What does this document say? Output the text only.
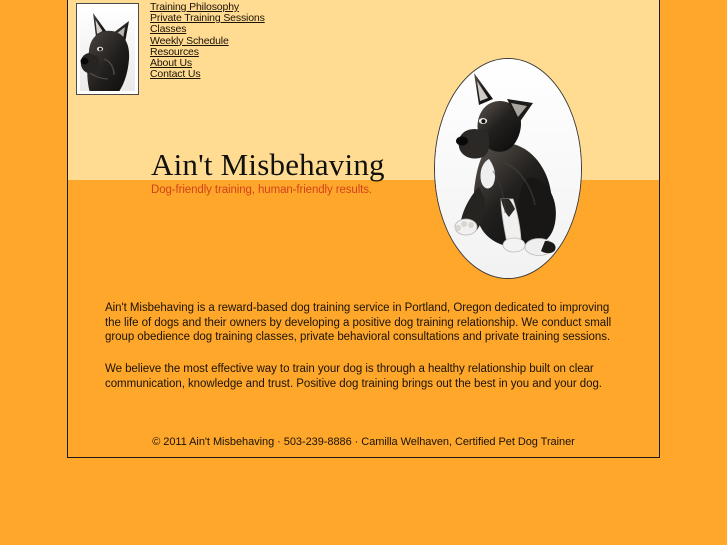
Training Philosophy
Private Training Sessions
Classes
Weekly Schedule
Resources
About Us
Contact Us
Ain't Misbehaving
Dog-friendly training, human-friendly results.

Ain't Misbehaving is a reward-based dog training service in Portland, Oregon dedicated to improving the life of dogs and their owners by developing a positive dog training relationship. We conduct small group obedience dog training classes, private behavioral consultations and private training sessions.

We believe the most effective way to train your dog is through a healthy relationship built on clear communication, knowledge and trust. Positive dog training brings out the best in you and your dog.

© 2011 Ain't Misbehaving · 503-239-8886 · Camilla Welhaven, Certified Pet Dog Trainer
